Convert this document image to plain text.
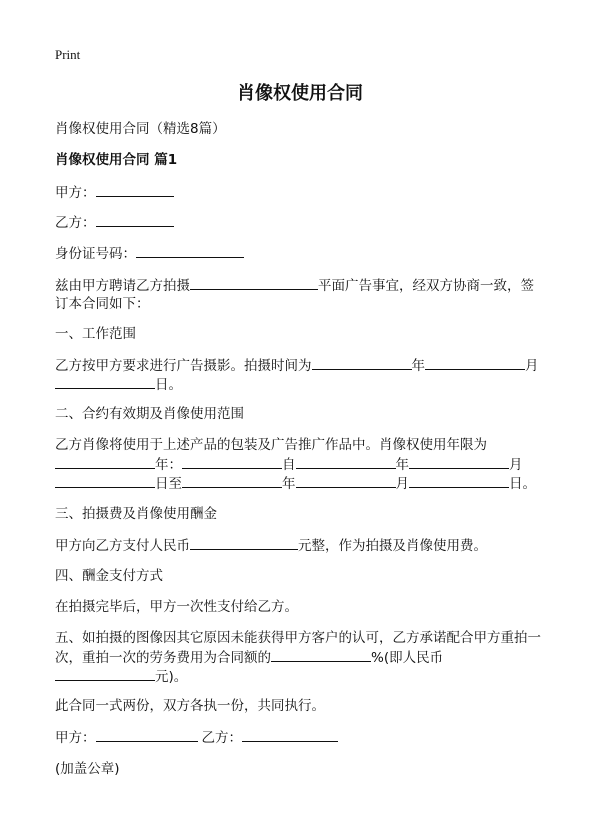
Print
肖像权使用合同
肖像权使用合同（精选8篇）
肖像权使用合同 篇1
甲方：
乙方：
身份证号码：
兹由甲方聘请乙方拍摄	平面广告事宜，经双方协商一致，签
订本合同如下：
一、工作范围
乙方按甲方要求进行广告摄影。拍摄时间为	年	月
日。
二、合约有效期及肖像使用范围
乙方肖像将使用于上述产品的包装及广告推广作品中。肖像权使用年限为
年：	自	年	月
日至	年	月	日。
三、拍摄费及肖像使用酬金
甲方向乙方支付人民币	元整，作为拍摄及肖像使用费。
四、酬金支付方式
在拍摄完毕后，甲方一次性支付给乙方。
五、如拍摄的图像因其它原因未能获得甲方客户的认可，乙方承诺配合甲方重拍一
次，重拍一次的劳务费用为合同额的	%(即人民币
元)。
此合同一式两份，双方各执一份，共同执行。
甲方：	乙方：
(加盖公章)
